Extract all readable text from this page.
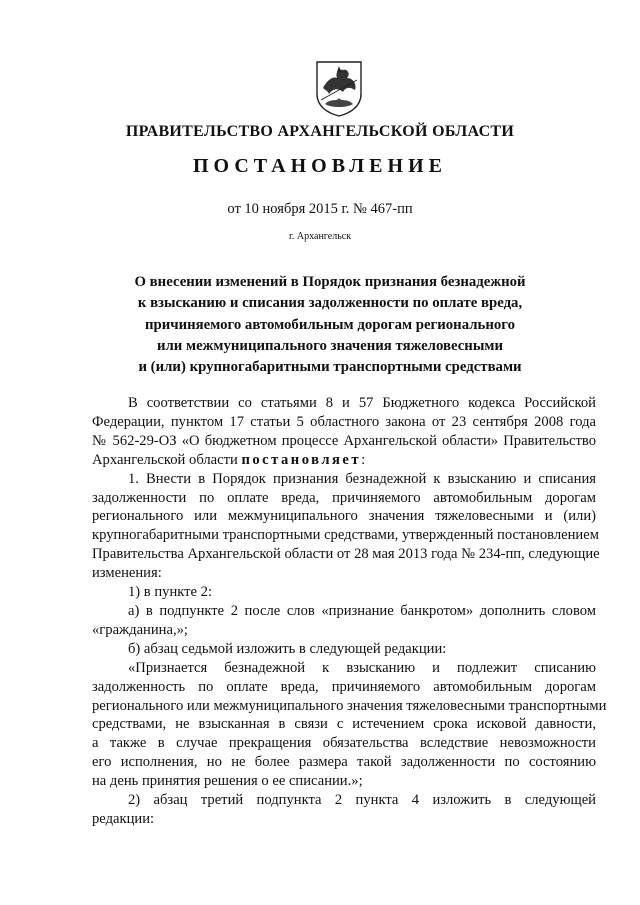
ПРАВИТЕЛЬСТВО АРХАНГЕЛЬСКОЙ ОБЛАСТИ
ПОСТАНОВЛЕНИЕ
от 10 ноября 2015 г. № 467-пп
г. Архангельск
О внесении изменений в Порядок признания безнадежной
к взысканию и списания задолженности по оплате вреда,
причиняемого автомобильным дорогам регионального
или межмуниципального значения тяжеловесными
и (или) крупногабаритными транспортными средствами
В соответствии со статьями 8 и 57 Бюджетного кодекса Российской
Федерации, пунктом 17 статьи 5 областного закона от 23 сентября 2008 года
№ 562-29-ОЗ «О бюджетном процессе Архангельской области» Правительство
Архангельской области постановляет:
1. Внести в Порядок признания безнадежной к взысканию и списания
задолженности по оплате вреда, причиняемого автомобильным дорогам
регионального или межмуниципального значения тяжеловесными и (или)
крупногабаритными транспортными средствами, утвержденный постановлением
Правительства Архангельской области от 28 мая 2013 года № 234-пп, следующие
изменения:
1) в пункте 2:
а) в подпункте 2 после слов «признание банкротом» дополнить словом
«гражданина,»;
б) абзац седьмой изложить в следующей редакции:
«Признается безнадежной к взысканию и подлежит списанию
задолженность по оплате вреда, причиняемого автомобильным дорогам
регионального или межмуниципального значения тяжеловесными транспортными
средствами, не взысканная в связи с истечением срока исковой давности,
а также в случае прекращения обязательства вследствие невозможности
его исполнения, но не более размера такой задолженности по состоянию
на день принятия решения о ее списании.»;
2) абзац третий подпункта 2 пункта 4 изложить в следующей
редакции:
